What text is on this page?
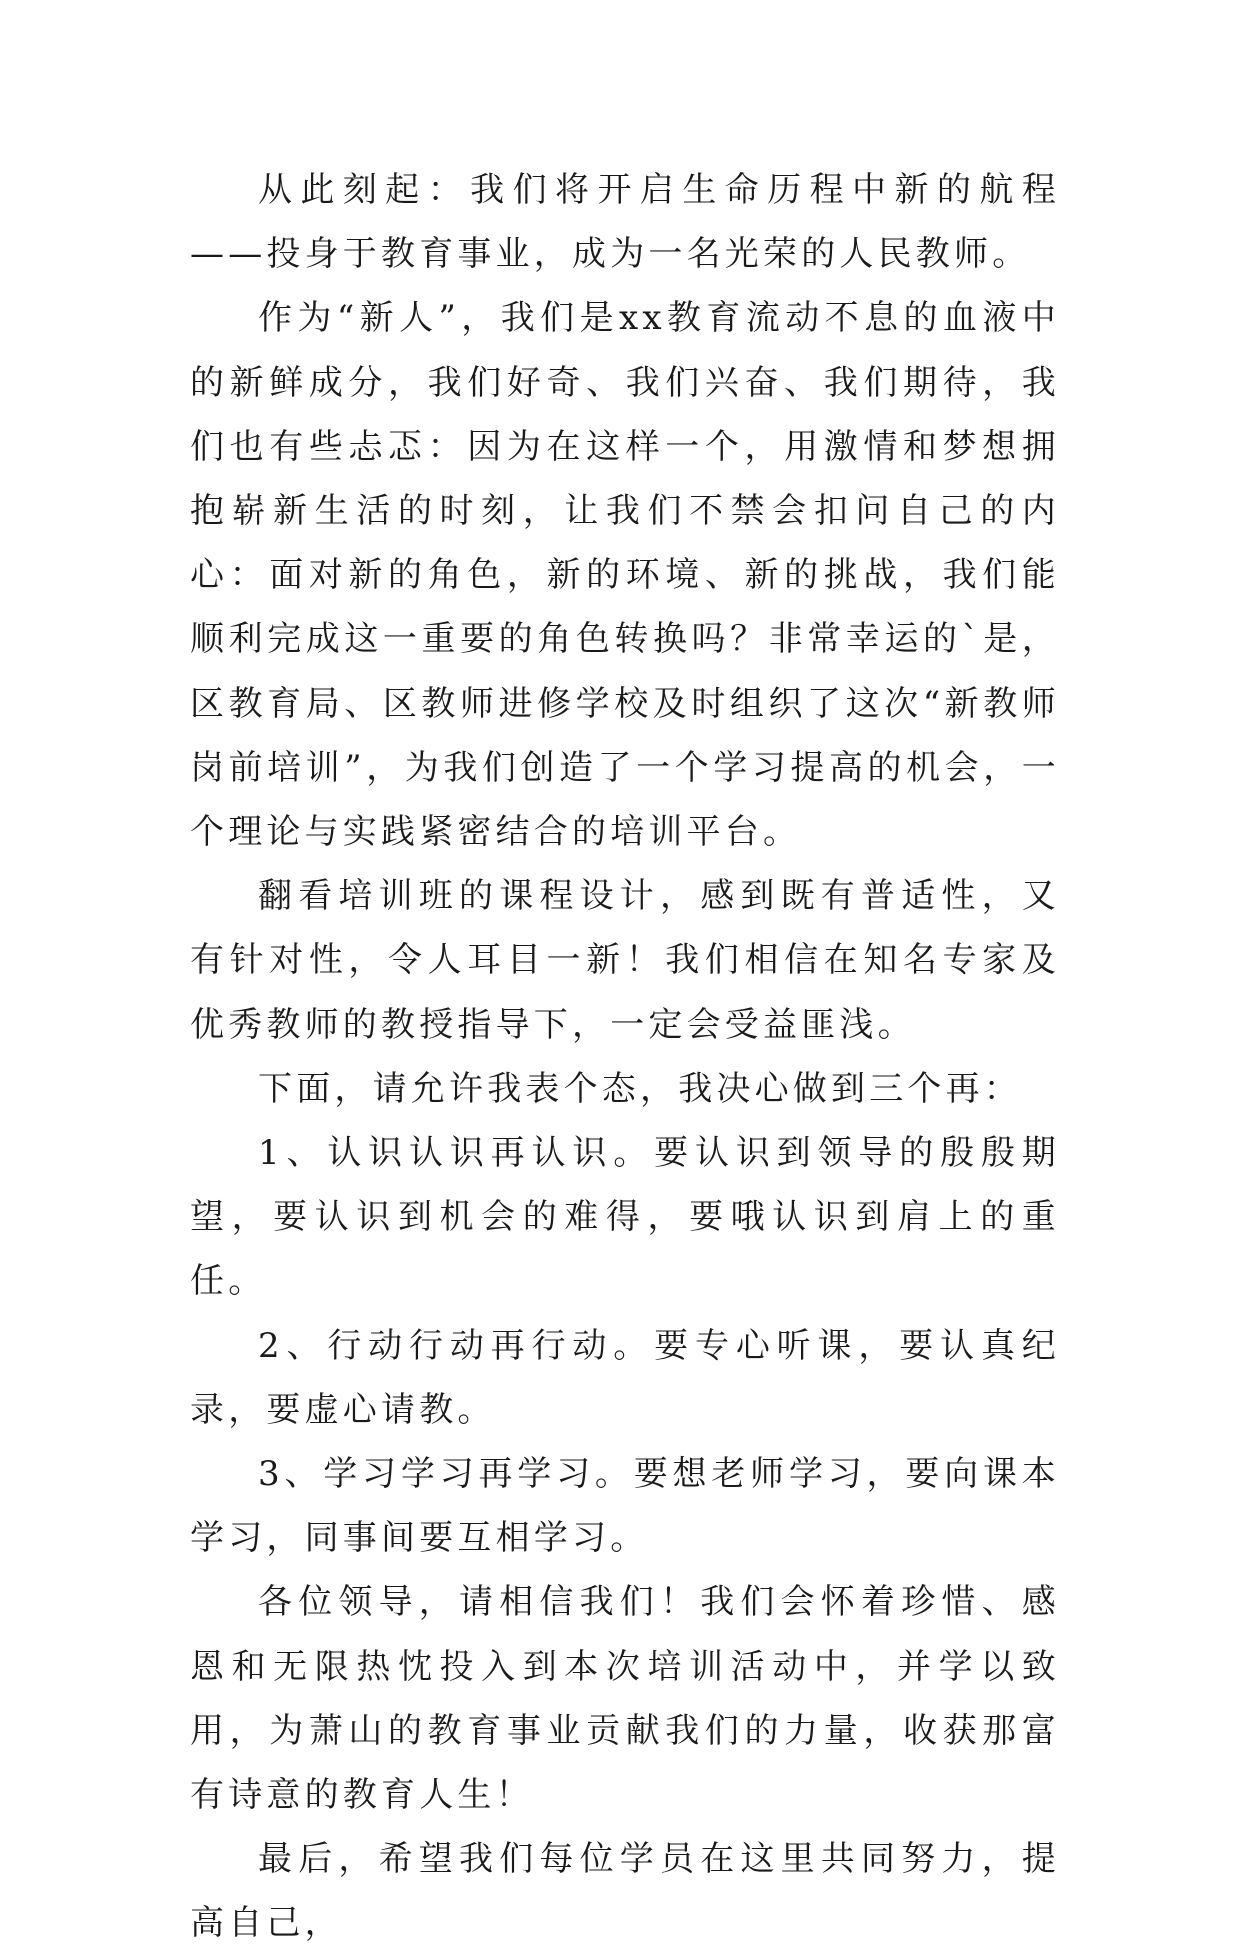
从此刻起：我们将开启生命历程中新的航程——投身于教育事业，成为一名光荣的人民教师。

作为“新人”，我们是xx教育流动不息的血液中的新鲜成分，我们好奇、我们兴奋、我们期待，我们也有些忐忑：因为在这样一个，用激情和梦想拥抱崭新生活的时刻，让我们不禁会扣问自己的内心：面对新的角色，新的环境、新的挑战，我们能顺利完成这一重要的角色转换吗？非常幸运的`是，区教育局、区教师进修学校及时组织了这次“新教师岗前培训”，为我们创造了一个学习提高的机会，一个理论与实践紧密结合的培训平台。

翻看培训班的课程设计，感到既有普适性，又有针对性，令人耳目一新！我们相信在知名专家及优秀教师的教授指导下，一定会受益匪浅。

下面，请允许我表个态，我决心做到三个再：

1、认识认识再认识。要认识到领导的殷殷期望，要认识到机会的难得，要哦认识到肩上的重任。

2、行动行动再行动。要专心听课，要认真纪录，要虚心请教。

3、学习学习再学习。要想老师学习，要向课本学习，同事间要互相学习。

各位领导，请相信我们！我们会怀着珍惜、感恩和无限热忱投入到本次培训活动中，并学以致用，为萧山的教育事业贡献我们的力量，收获那富有诗意的教育人生！

最后，希望我们每位学员在这里共同努力，提高自己，
